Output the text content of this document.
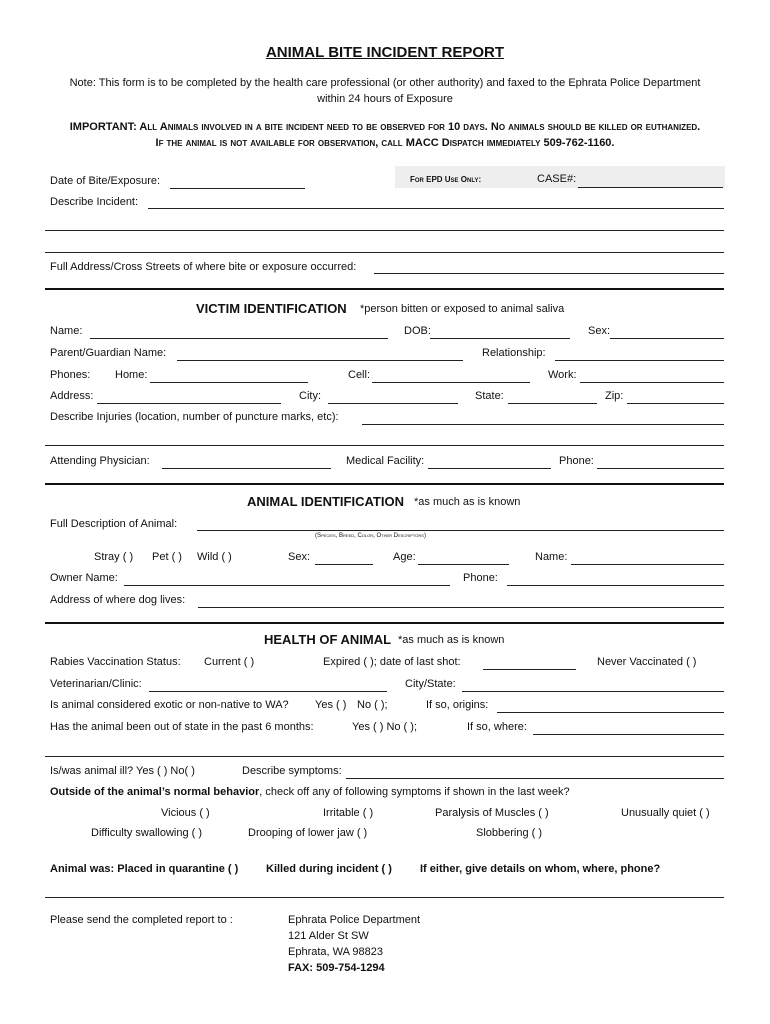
ANIMAL BITE INCIDENT REPORT
Note: This form is to be completed by the health care professional (or other authority) and faxed to the Ephrata Police Department
within 24 hours of Exposure
IMPORTANT: All Animals involved in a bite incident need to be observed for 10 days. No animals should be killed or euthanized.
If the animal is not available for observation, call MACC Dispatch immediately 509-762-1160.
Date of Bite/Exposure:	For EPD Use Only:	CASE#:
Describe Incident:
Full Address/Cross Streets of where bite or exposure occurred:
VICTIM IDENTIFICATION *person bitten or exposed to animal saliva
Name:	DOB:	Sex:
Parent/Guardian Name:	Relationship:
Phones: Home:	Cell:	Work:
Address:	City:	State:	Zip:
Describe Injuries (location, number of puncture marks, etc):
Attending Physician:	Medical Facility:	Phone:
ANIMAL IDENTIFICATION *as much as is known
Full Description of Animal:
(Species, Breed, Color, Other Descriptors)
Stray ( ) Pet ( ) Wild ( )	Sex:	Age:	Name:
Owner Name:	Phone:
Address of where dog lives:
HEALTH OF ANIMAL *as much as is known
Rabies Vaccination Status: Current ( )	Expired ( ); date of last shot:	Never Vaccinated ( )
Veterinarian/Clinic:	City/State:
Is animal considered exotic or non-native to WA? Yes ( ) No ( );	If so, origins:
Has the animal been out of state in the past 6 months:	Yes ( ) No ( );	If so, where:
Is/was animal ill? Yes ( ) No( )	Describe symptoms:
Outside of the animal’s normal behavior, check off any of following symptoms if shown in the last week?
Vicious ( )	Irritable ( )	Paralysis of Muscles ( )	Unusually quiet ( )
Difficulty swallowing ( )	Drooping of lower jaw ( )	Slobbering ( )
Animal was: Placed in quarantine ( )	Killed during incident ( )	If either, give details on whom, where, phone?
Please send the completed report to :	Ephrata Police Department
121 Alder St SW
Ephrata, WA 98823
FAX: 509-754-1294
